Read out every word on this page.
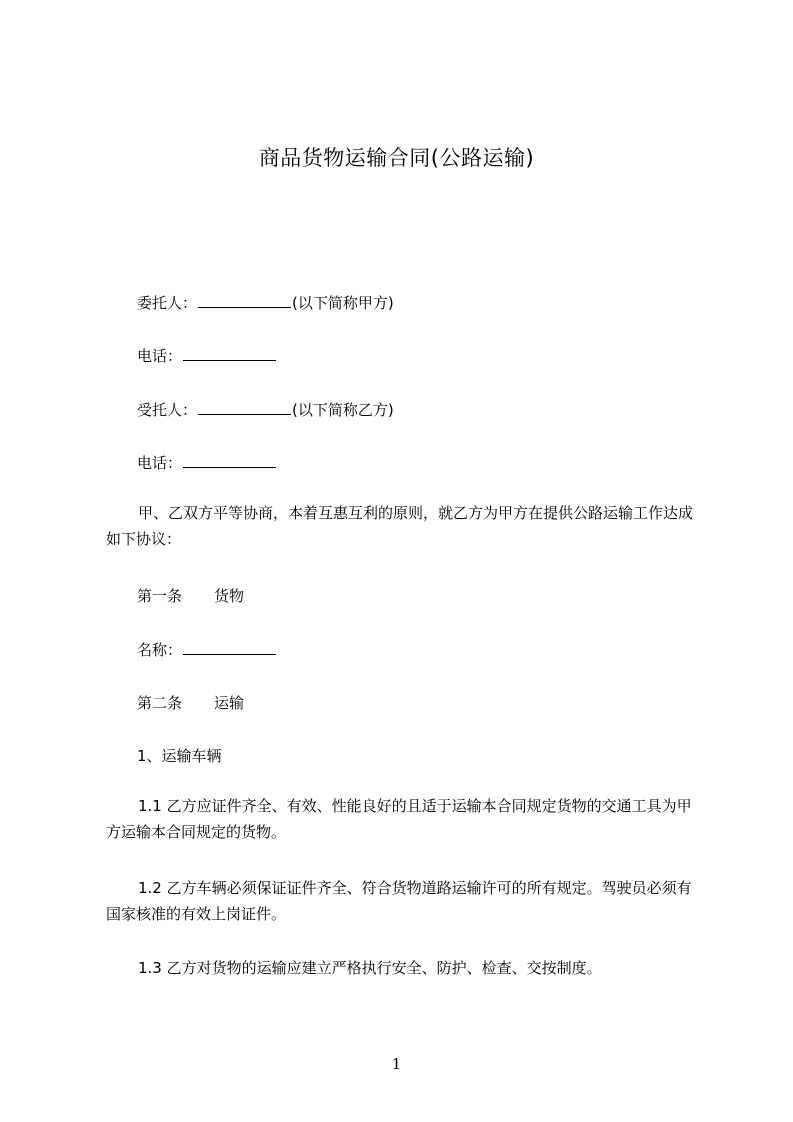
商品货物运输合同(公路运输)
委托人：	(以下简称甲方)
电话：
受托人：	(以下简称乙方)
电话：
甲、乙双方平等协商，本着互惠互利的原则，就乙方为甲方在提供公路运输工作达成如下协议：
第一条 货物
名称：
第二条 运输
1、运输车辆
1.1 乙方应证件齐全、有效、性能良好的且适于运输本合同规定货物的交通工具为甲方运输本合同规定的货物。
1.2 乙方车辆必须保证证件齐全、符合货物道路运输许可的所有规定。驾驶员必须有国家核准的有效上岗证件。
1.3 乙方对货物的运输应建立严格执行安全、防护、检查、交按制度。
1
